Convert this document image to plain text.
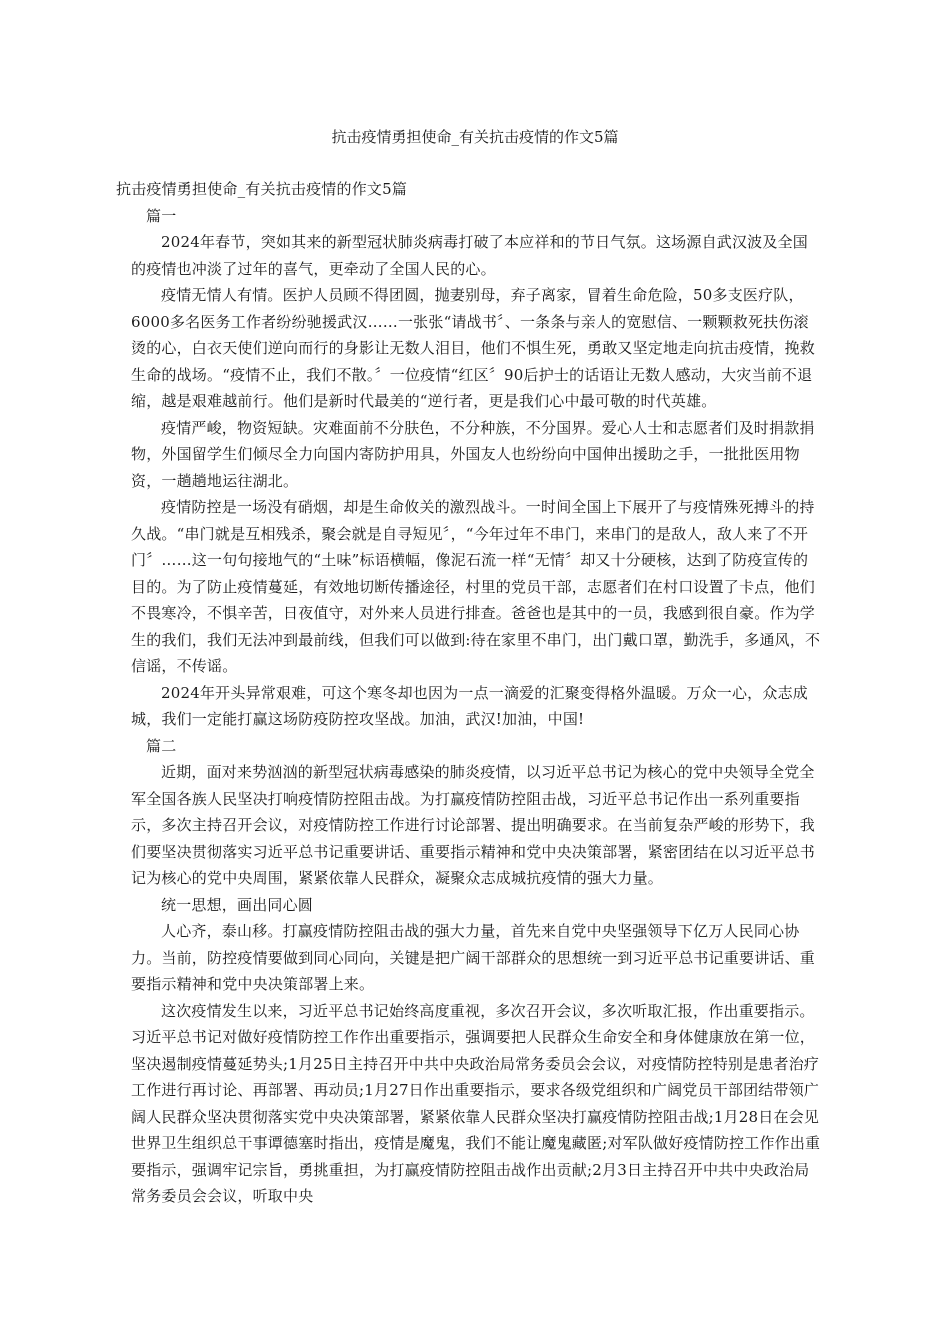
抗击疫情勇担使命_有关抗击疫情的作文5篇

抗击疫情勇担使命_有关抗击疫情的作文5篇

篇一

2024年春节，突如其来的新型冠状肺炎病毒打破了本应祥和的节日气氛。这场源自武汉波及全国的疫情也冲淡了过年的喜气，更牵动了全国人民的心。

疫情无情人有情。医护人员顾不得团圆，抛妻别母，弃子离家，冒着生命危险，50多支医疗队，6000多名医务工作者纷纷驰援武汉……一张张“请战书〞、一条条与亲人的宽慰信、一颗颗救死扶伤滚烫的心，白衣天使们逆向而行的身影让无数人泪目，他们不惧生死，勇敢又坚定地走向抗击疫情，挽救生命的战场。“疫情不止，我们不散。〞一位疫情“红区〞90后护士的话语让无数人感动，大灾当前不退缩，越是艰难越前行。他们是新时代最美的“逆行者，更是我们心中最可敬的时代英雄。

疫情严峻，物资短缺。灾难面前不分肤色，不分种族，不分国界。爱心人士和志愿者们及时捐款捐物，外国留学生们倾尽全力向国内寄防护用具，外国友人也纷纷向中国伸出援助之手，一批批医用物资，一趟趟地运往湖北。

疫情防控是一场没有硝烟，却是生命攸关的激烈战斗。一时间全国上下展开了与疫情殊死搏斗的持久战。“串门就是互相残杀，聚会就是自寻短见〞，“今年过年不串门，来串门的是敌人，敌人来了不开门〞……这一句句接地气的“土味”标语横幅，像泥石流一样“无情〞却又十分硬核，达到了防疫宣传的目的。为了防止疫情蔓延，有效地切断传播途径，村里的党员干部，志愿者们在村口设置了卡点，他们不畏寒冷，不惧辛苦，日夜值守，对外来人员进行排查。爸爸也是其中的一员，我感到很自豪。作为学生的我们，我们无法冲到最前线，但我们可以做到:待在家里不串门，出门戴口罩，勤洗手，多通风，不信谣，不传谣。

2024年开头异常艰难，可这个寒冬却也因为一点一滴爱的汇聚变得格外温暖。万众一心，众志成城，我们一定能打赢这场防疫防控攻坚战。加油，武汉!加油，中国!

篇二

近期，面对来势汹汹的新型冠状病毒感染的肺炎疫情，以习近平总书记为核心的党中央领导全党全军全国各族人民坚决打响疫情防控阻击战。为打赢疫情防控阻击战，习近平总书记作出一系列重要指示，多次主持召开会议，对疫情防控工作进行讨论部署、提出明确要求。在当前复杂严峻的形势下，我们要坚决贯彻落实习近平总书记重要讲话、重要指示精神和党中央决策部署，紧密团结在以习近平总书记为核心的党中央周围，紧紧依靠人民群众，凝聚众志成城抗疫情的强大力量。

统一思想，画出同心圆

人心齐，泰山移。打赢疫情防控阻击战的强大力量，首先来自党中央坚强领导下亿万人民同心协力。当前，防控疫情要做到同心同向，关键是把广阔干部群众的思想统一到习近平总书记重要讲话、重要指示精神和党中央决策部署上来。

这次疫情发生以来，习近平总书记始终高度重视，多次召开会议，多次听取汇报，作出重要指示。习近平总书记对做好疫情防控工作作出重要指示，强调要把人民群众生命安全和身体健康放在第一位，坚决遏制疫情蔓延势头;1月25日主持召开中共中央政治局常务委员会会议，对疫情防控特别是患者治疗工作进行再讨论、再部署、再动员;1月27日作出重要指示，要求各级党组织和广阔党员干部团结带领广阔人民群众坚决贯彻落实党中央决策部署，紧紧依靠人民群众坚决打赢疫情防控阻击战;1月28日在会见世界卫生组织总干事谭德塞时指出，疫情是魔鬼，我们不能让魔鬼藏匿;对军队做好疫情防控工作作出重要指示，强调牢记宗旨，勇挑重担，为打赢疫情防控阻击战作出贡献;2月3日主持召开中共中央政治局常务委员会会议，听取中央
